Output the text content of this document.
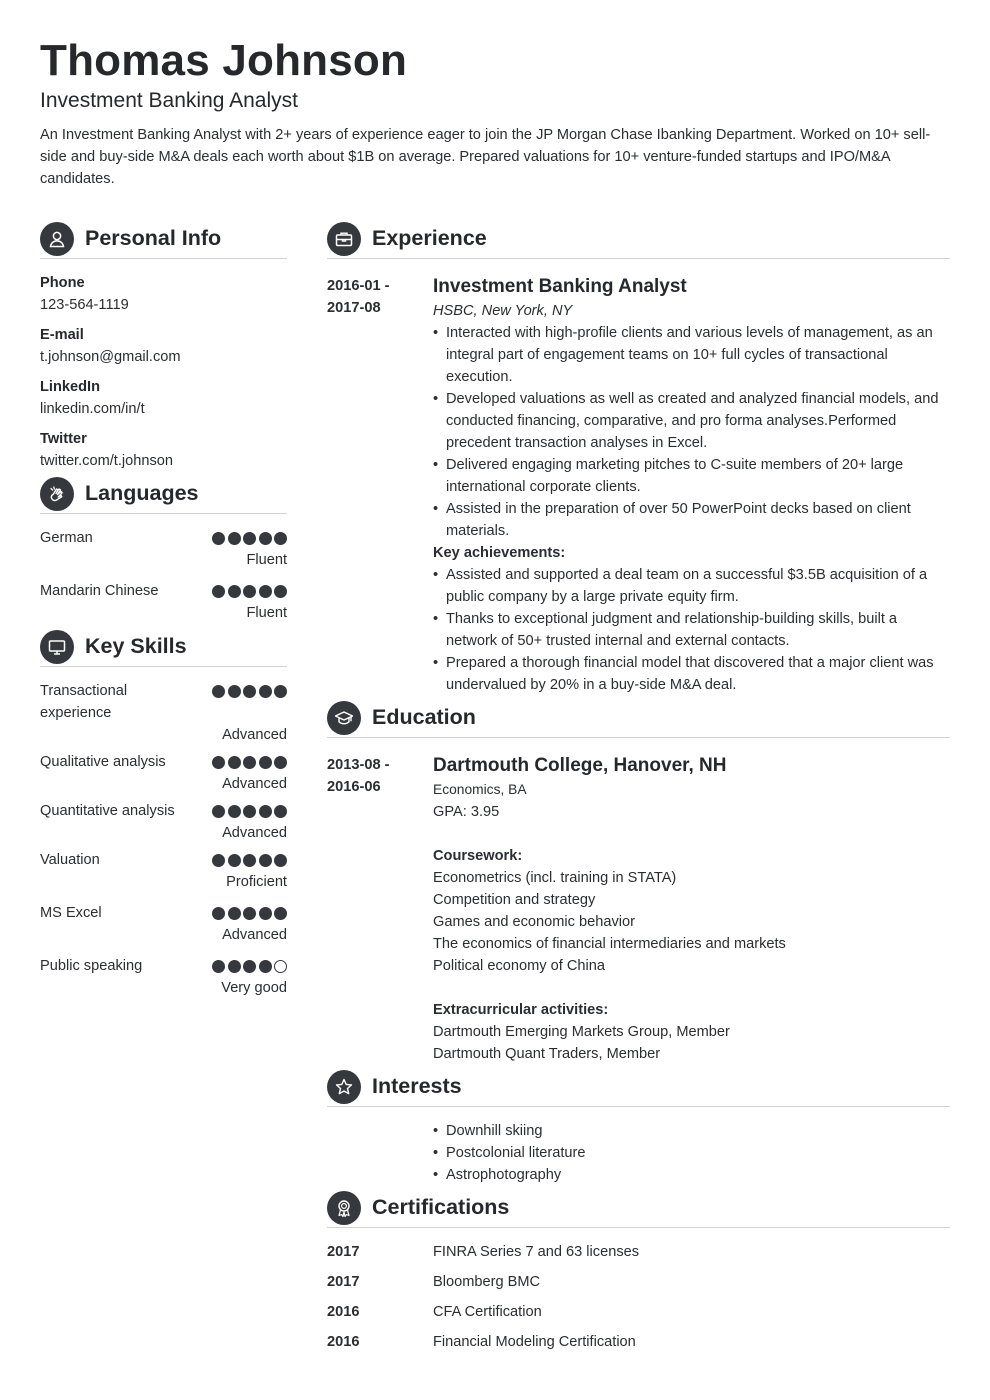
Thomas Johnson
Investment Banking Analyst
An Investment Banking Analyst with 2+ years of experience eager to join the JP Morgan Chase Ibanking Department. Worked on 10+ sell-side and buy-side M&A deals each worth about $1B on average. Prepared valuations for 10+ venture-funded startups and IPO/M&A candidates.
Personal Info
Phone
123-564-1119
E-mail
t.johnson@gmail.com
LinkedIn
linkedin.com/in/t
Twitter
twitter.com/t.johnson
Languages
German
Fluent
Mandarin Chinese
Fluent
Key Skills
Transactional experience
Advanced
Qualitative analysis
Advanced
Quantitative analysis
Advanced
Valuation
Proficient
MS Excel
Advanced
Public speaking
Very good
Experience
2016-01 -
2017-08
Investment Banking Analyst
HSBC, New York, NY
• Interacted with high-profile clients and various levels of management, as an integral part of engagement teams on 10+ full cycles of transactional execution.
• Developed valuations as well as created and analyzed financial models, and conducted financing, comparative, and pro forma analyses.Performed precedent transaction analyses in Excel.
• Delivered engaging marketing pitches to C-suite members of 20+ large international corporate clients.
• Assisted in the preparation of over 50 PowerPoint decks based on client materials.
Key achievements:
• Assisted and supported a deal team on a successful $3.5B acquisition of a public company by a large private equity firm.
• Thanks to exceptional judgment and relationship-building skills, built a network of 50+ trusted internal and external contacts.
• Prepared a thorough financial model that discovered that a major client was undervalued by 20% in a buy-side M&A deal.
Education
2013-08 -
2016-06
Dartmouth College, Hanover, NH
Economics, BA
GPA: 3.95
Coursework:
Econometrics (incl. training in STATA)
Competition and strategy
Games and economic behavior
The economics of financial intermediaries and markets
Political economy of China
Extracurricular activities:
Dartmouth Emerging Markets Group, Member
Dartmouth Quant Traders, Member
Interests
• Downhill skiing
• Postcolonial literature
• Astrophotography
Certifications
2017	FINRA Series 7 and 63 licenses
2017	Bloomberg BMC
2016	CFA Certification
2016	Financial Modeling Certification
